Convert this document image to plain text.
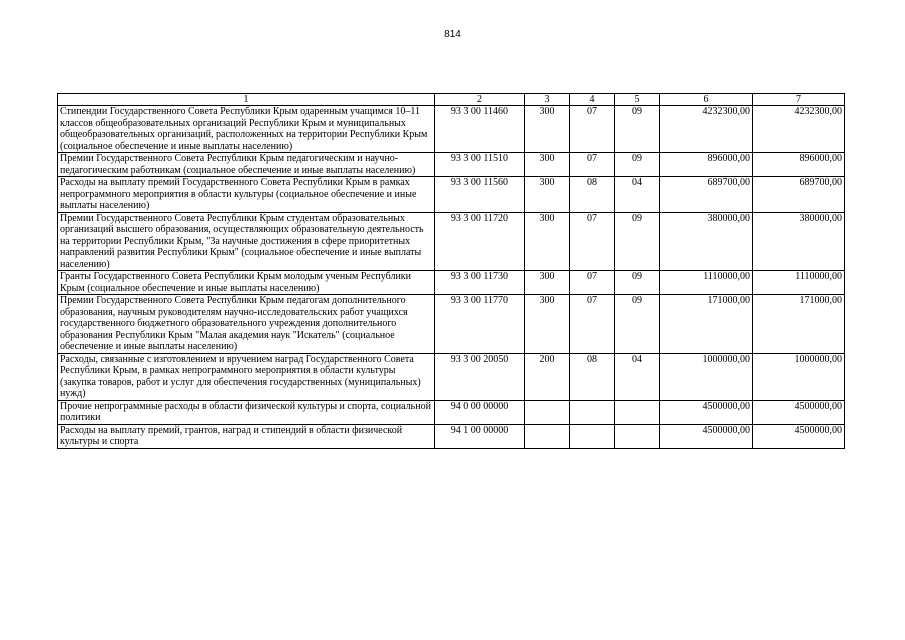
814
1	2	3	4	5	6	7
Стипендии Государственного Совета Республики Крым одаренным учащимся 10–11 классов общеобразовательных организаций Республики Крым и муниципальных общеобразовательных организаций, расположенных на территории Республики Крым (социальное обеспечение и иные выплаты населению)	93 3 00 11460	300	07	09	4232300,00	4232300,00
Премии Государственного Совета Республики Крым педагогическим и научно-педагогическим работникам (социальное обеспечение и иные выплаты населению)	93 3 00 11510	300	07	09	896000,00	896000,00
Расходы на выплату премий Государственного Совета Республики Крым в рамках непрограммного мероприятия в области культуры (социальное обеспечение и иные выплаты населению)	93 3 00 11560	300	08	04	689700,00	689700,00
Премии Государственного Совета Республики Крым студентам образовательных организаций высшего образования, осуществляющих образовательную деятельность на территории Республики Крым, "За научные достижения в сфере приоритетных направлений развития Республики Крым" (социальное обеспечение и иные выплаты населению)	93 3 00 11720	300	07	09	380000,00	380000,00
Гранты Государственного Совета Республики Крым молодым ученым Республики Крым (социальное обеспечение и иные выплаты населению)	93 3 00 11730	300	07	09	1110000,00	1110000,00
Премии Государственного Совета Республики Крым педагогам дополнительного образования, научным руководителям научно-исследовательских работ учащихся государственного бюджетного образовательного учреждения дополнительного образования Республики Крым "Малая академия наук "Искатель" (социальное обеспечение и иные выплаты населению)	93 3 00 11770	300	07	09	171000,00	171000,00
Расходы, связанные с изготовлением и вручением наград Государственного Совета Республики Крым, в рамках непрограммного мероприятия в области культуры (закупка товаров, работ и услуг для обеспечения государственных (муниципальных) нужд)	93 3 00 20050	200	08	04	1000000,00	1000000,00
Прочие непрограммные расходы в области физической культуры и спорта, социальной политики	94 0 00 00000				4500000,00	4500000,00
Расходы на выплату премий, грантов, наград и стипендий в области физической культуры и спорта	94 1 00 00000				4500000,00	4500000,00
